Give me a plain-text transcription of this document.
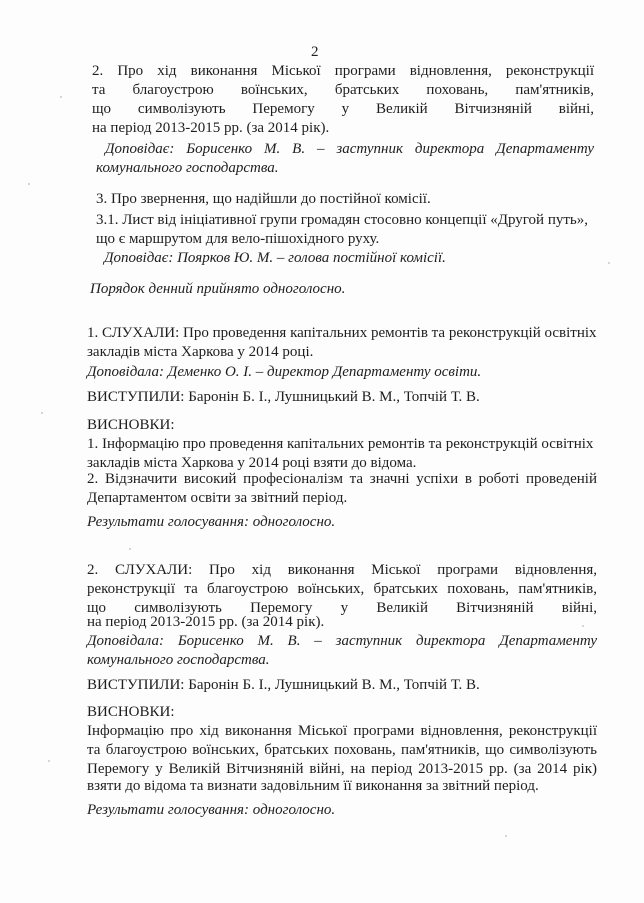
2
2. Про хід виконання Міської програми відновлення, реконструкції
та благоустрою воїнських, братських поховань, пам'ятників,
що символізують Перемогу у Великій Вітчизняній війні,
на період 2013-2015 рр. (за 2014 рік).
Доповідає: Борисенко М. В. – заступник директора Департаменту
комунального господарства.
3. Про звернення, що надійшли до постійної комісії.
3.1. Лист від ініціативної групи громадян стосовно концепції «Другой путь»,
що є маршрутом для вело-пішохідного руху.
Доповідає: Поярков Ю. М. – голова постійної комісії.
Порядок денний прийнято одноголосно.
1. СЛУХАЛИ: Про проведення капітальних ремонтів та реконструкцій освітніх
закладів міста Харкова у 2014 році.
Доповідала: Деменко О. І. – директор Департаменту освіти.
ВИСТУПИЛИ: Баронін Б. І., Лушницький В. М., Топчій Т. В.
ВИСНОВКИ:
1. Інформацію про проведення капітальних ремонтів та реконструкцій освітніх
закладів міста Харкова у 2014 році взяти до відома.
2. Відзначити високий професіоналізм та значні успіхи в роботі проведеній
Департаментом освіти за звітний період.
Результати голосування: одноголосно.
2. СЛУХАЛИ: Про хід виконання Міської програми відновлення,
реконструкції та благоустрою воїнських, братських поховань, пам'ятників,
що символізують Перемогу у Великій Вітчизняній війні,
на період 2013-2015 рр. (за 2014 рік).
Доповідала: Борисенко М. В. – заступник директора Департаменту
комунального господарства.
ВИСТУПИЛИ: Баронін Б. І., Лушницький В. М., Топчій Т. В.
ВИСНОВКИ:
Інформацію про хід виконання Міської програми відновлення, реконструкції
та благоустрою воїнських, братських поховань, пам'ятників, що символізують
Перемогу у Великій Вітчизняній війні, на період 2013-2015 рр. (за 2014 рік)
взяти до відома та визнати задовільним її виконання за звітний період.
Результати голосування: одноголосно.
